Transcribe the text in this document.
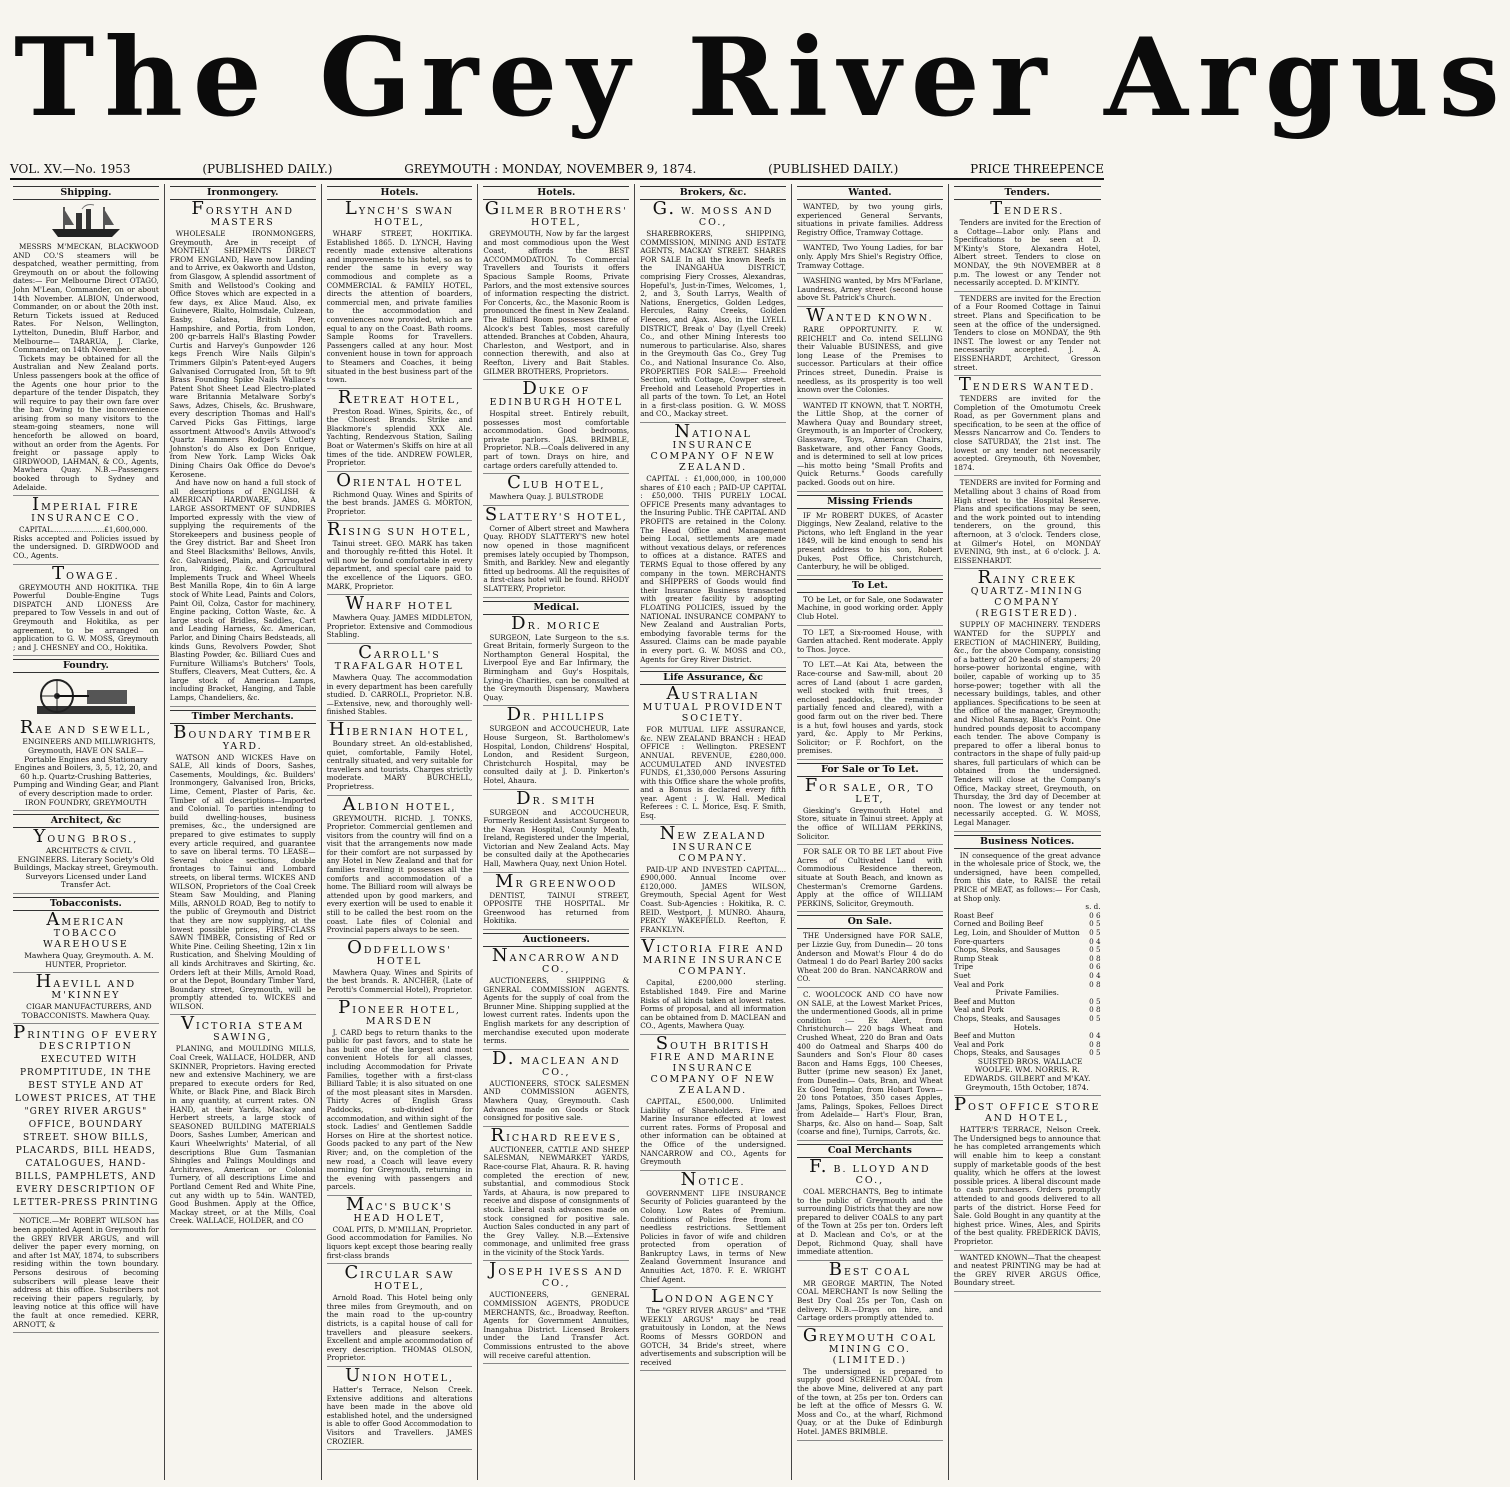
The Grey River Argus
VOL. XV.—No. 1953	(PUBLISHED DAILY.)	GREYMOUTH : MONDAY, NOVEMBER 9, 1874.	(PUBLISHED DAILY.)	PRICE THREEPENCE
Shipping.

MESSRS M'MECKAN, BLACKWOOD AND CO.'S steamers will be despatched, weather permitting, from Greymouth on or about the following dates:— For Melbourne Direct OTAGO, John M'Lean, Commander, on or about 14th November. ALBION, Underwood, Commander, on or about the 20th inst. Return Tickets issued at Reduced Rates. For Nelson, Wellington, Lyttelton, Dunedin, Bluff Harbor, and Melbourne— TARARUA, J. Clarke, Commander, on 14th November.

Tickets may be obtained for all the Australian and New Zealand ports. Unless passengers book at the office of the Agents one hour prior to the departure of the tender Dispatch, they will require to pay their own fare over the bar. Owing to the inconvenience arising from so many visitors to the steam-going steamers, none will henceforth be allowed on board, without an order from the Agents. For freight or passage apply to GIRDWOOD, LAHMAN, & CO., Agents, Mawhera Quay. N.B.—Passengers booked through to Sydney and Adelaide.

IMPERIAL FIRE INSURANCE CO.

CAPITAL.......................£1,600,000. Risks accepted and Policies issued by the undersigned. D. GIRDWOOD and CO., Agents.

TOWAGE.

GREYMOUTH AND HOKITIKA. THE Powerful Double-Engine Tugs DISPATCH AND LIONESS Are prepared to Tow Vessels in and out of Greymouth and Hokitika, as per agreement, to be arranged on application to G. W. MOSS, Greymouth ; and J. CHESNEY and CO., Hokitika.

Foundry.
RAE AND SEWELL,

ENGINEERS AND MILLWRIGHTS, Greymouth, HAVE ON SALE— Portable Engines and Stationary Engines and Boilers, 3, 5, 12, 20, and 60 h.p. Quartz-Crushing Batteries, Pumping and Winding Gear, and Plant of every description made to order. IRON FOUNDRY, GREYMOUTH

Architect, &c
YOUNG BROS.,

ARCHITECTS & CIVIL ENGINEERS. Literary Society's Old Buildings, Mackay street, Greymouth. Surveyors Licensed under Land Transfer Act.

Tobacconists.
AMERICAN TOBACCO WAREHOUSE

Mawhera Quay, Greymouth. A. M. HUNTER, Proprietor.

HAEVILL AND M'KINNEY

CIGAR MANUFACTURERS, AND TOBACCONISTS. Mawhera Quay.

PRINTING OF EVERY DESCRIPTION

EXECUTED WITH PROMPTITUDE, IN THE BEST STYLE AND AT LOWEST PRICES, AT THE "GREY RIVER ARGUS" OFFICE, BOUNDARY STREET. SHOW BILLS, PLACARDS, BILL HEADS, CATALOGUES, HAND-BILLS, PAMPHLETS, AND EVERY DESCRIPTION OF LETTER-PRESS PRINTING

NOTICE.—Mr ROBERT WILSON has been appointed Agent in Greymouth for the GREY RIVER ARGUS, and will deliver the paper every morning, on and after 1st MAY, 1874, to subscribers residing within the town boundary. Persons desirous of becoming subscribers will please leave their address at this office. Subscribers not receiving their papers regularly, by leaving notice at this office will have the fault at once remedied. KERR, ARNOTT, &

Ironmongery.
FORSYTH AND MASTERS

WHOLESALE IRONMONGERS, Greymouth, Are in receipt of MONTHLY SHIPMENTS DIRECT FROM ENGLAND, Have now Landing and to Arrive, ex Oakworth and Udston, from Glasgow, A splendid assortment of Smith and Wellstood's Cooking and Office Stoves which are expected in a few days, ex Alice Maud. Also, ex Guinevere, Rialto, Holmsdale, Culzean, Easby, Galatea, British Peer, Hampshire, and Portia, from London, 200 qr-barrels Hall's Blasting Powder Curtis and Harvey's Gunpowder 126 kegs French Wire Nails Gilpin's Trimmers Gilpin's Patent-eyed Augers Galvanised Corrugated Iron, 5ft to 9ft Brass Founding Spike Nails Wallace's Patent Shot Sheet Lead Electro-plated ware Britannia Metalware Sorby's Saws, Adzes, Chisels, &c. Brushware, every description Thomas and Hall's Carved Picks Gas Fittings, large assortment Attwood's Anvils Attwood's Quartz Hammers Rodger's Cutlery Johnston's do Also ex Don Enrique, from New York. Lamp Wicks Oak Dining Chairs Oak Office do Devoe's Kerosene.

And have now on hand a full stock of all descriptions of ENGLISH & AMERICAN HARDWARE, Also, A LARGE ASSORTMENT OF SUNDRIES Imported expressly with the view of supplying the requirements of the Storekeepers and business people of the Grey district. Bar and Sheet Iron and Steel Blacksmiths' Bellows, Anvils, &c. Galvanised, Plain, and Corrugated Iron, Ridging, &c. Agricultural Implements Truck and Wheel Wheels Best Manilla Rope, 4in to 6in A large stock of White Lead, Paints and Colors, Paint Oil, Colza, Castor for machinery, Engine packing, Cotton Waste, &c. A large stock of Bridles, Saddles, Cart and Leading Harness, &c. American, Parlor, and Dining Chairs Bedsteads, all kinds Guns, Revolvers Powder, Shot Blasting Powder, &c. Billiard Cues and Furniture Williams's Butchers' Tools, Stuffers, Cleavers, Meat Cutters, &c. A large stock of American Lamps, including Bracket, Hanging, and Table Lamps, Chandeliers, &c.

Timber Merchants.
BOUNDARY TIMBER YARD.

WATSON AND WICKES Have on SALE, All kinds of Doors, Sashes, Casements, Mouldings, &c. Builders' Ironmongery, Galvanised Iron, Bricks, Lime, Cement, Plaster of Paris, &c. Timber of all descriptions—Imported and Colonial. To parties intending to build dwelling-houses, business premises, &c., the undersigned are prepared to give estimates to supply every article required, and guarantee to save on liberal terms. TO LEASE— Several choice sections, double frontages to Tainui and Lombard streets, on liberal terms. WICKES AND WILSON, Proprietors of the Coal Creek Steam Saw Moulding, and Planing Mills, ARNOLD ROAD, Beg to notify to the public of Greymouth and District that they are now supplying, at the lowest possible prices, FIRST-CLASS SAWN TIMBER, Consisting of Red or White Pine. Ceiling Sheeting, 12in x 1in Rustication, and Shelving Moulding of all kinds Architraves and Skirting, &c. Orders left at their Mills, Arnold Road, or at the Depot, Boundary Timber Yard, Boundary street, Greymouth, will be promptly attended to. WICKES and WILSON.

VICTORIA STEAM SAWING,

PLANING, and MOULDING MILLS, Coal Creek, WALLACE, HOLDER, AND SKINNER, Proprietors. Having erected new and extensive Machinery, we are prepared to execute orders for Red, White, or Black Pine, and Black Birch in any quantity, at current rates. ON HAND, at their Yards, Mackay and Herbert streets, a large stock of SEASONED BUILDING MATERIALS Doors, Sashes Lumber, American and Kauri Wheelwrights' Material, of all descriptions Blue Gum Tasmanian Shingles and Palings Mouldings and Architraves, American or Colonial Turnery, of all descriptions Lime and Portland Cement Red and White Pine, cut any width up to 54in. WANTED, Good Bushmen. Apply at the Office, Mackay street, or at the Mills, Coal Creek. WALLACE, HOLDER, and CO

Hotels.
LYNCH'S SWAN HOTEL,

WHARF STREET, HOKITIKA. Established 1865. D. LYNCH, Having recently made extensive alterations and improvements to his hotel, so as to render the same in every way commodious and complete as a COMMERCIAL & FAMILY HOTEL, directs the attention of boarders, commercial men, and private families to the accommodation and conveniences now provided, which are equal to any on the Coast. Bath rooms. Sample Rooms for Travellers. Passengers called at any hour. Most convenient house in town for approach to Steamers and Coaches, it being situated in the best business part of the town.

RETREAT HOTEL,

Preston Road. Wines, Spirits, &c., of the Choicest Brands. Strike and Blackmore's splendid XXX Ale. Yachting, Rendezvous Station, Sailing Boat or Watermen's Skiffs on hire at all times of the tide. ANDREW FOWLER, Proprietor.

ORIENTAL HOTEL

Richmond Quay. Wines and Spirits of the best brands. JAMES G. MORTON, Proprietor.

RISING SUN HOTEL,

Tainui street. GEO. MARK has taken and thoroughly re-fitted this Hotel. It will now be found comfortable in every department, and special care paid to the excellence of the Liquors. GEO. MARK, Proprietor.

WHARF HOTEL

Mawhera Quay. JAMES MIDDLETON, Proprietor. Extensive and Commodious Stabling.

CARROLL'S TRAFALGAR HOTEL

Mawhera Quay. The accommodation in every department has been carefully studied. D. CARROLL, Proprietor. N.B.—Extensive, new, and thoroughly well-finished Stables.

HIBERNIAN HOTEL,

Boundary street. An old-established, quiet, comfortable, Family Hotel, centrally situated, and very suitable for travellers and tourists. Charges strictly moderate. MARY BURCHELL, Proprietress.

ALBION HOTEL,

GREYMOUTH. RICHD. J. TONKS, Proprietor. Commercial gentlemen and visitors from the country will find on a visit that the arrangements now made for their comfort are not surpassed by any Hotel in New Zealand and that for families travelling it possesses all the comforts and accommodation of a home. The Billiard room will always be attended upon by good markers, and every exertion will be used to enable it still to be called the best room on the coast. Late files of Colonial and Provincial papers always to be seen.

ODDFELLOWS' HOTEL

Mawhera Quay. Wines and Spirits of the best brands. R. ANCHER, (Late of Perotti's Commercial Hotel), Proprietor.

PIONEER HOTEL, MARSDEN

J. CARD begs to return thanks to the public for past favors, and to state he has built one of the largest and most convenient Hotels for all classes, including Accommodation for Private Families, together with a first-class Billiard Table; it is also situated on one of the most pleasant sites in Marsden. Thirty Acres of English Grass Paddocks, sub-divided for accommodation, and within sight of the stock. Ladies' and Gentlemen Saddle Horses on Hire at the shortest notice. Goods packed to any part of the New River; and, on the completion of the new road, a Coach will leave every morning for Greymouth, returning in the evening with passengers and parcels.

MAC'S BUCK'S HEAD HOLET,

COAL PITS, D. M'MILLAN, Proprietor. Good accommodation for Families. No liquors kept except those bearing really first-class brands

CIRCULAR SAW HOTEL,

Arnold Road. This Hotel being only three miles from Greymouth, and on the main road to the up-country districts, is a capital house of call for travellers and pleasure seekers. Excellent and ample accommodation of every description. THOMAS OLSON, Proprietor.

UNION HOTEL,

Hatter's Terrace, Nelson Creek. Extensive additions and alterations have been made in the above old established hotel, and the undersigned is able to offer Good Accommodation to Visitors and Travellers. JAMES CROZIER.

Hotels.
GILMER BROTHERS' HOTEL,

GREYMOUTH, Now by far the largest and most commodious upon the West Coast, affords the BEST ACCOMMODATION. To Commercial Travellers and Tourists it offers Spacious Sample Rooms, Private Parlors, and the most extensive sources of information respecting the district. For Concerts, &c., the Masonic Room is pronounced the finest in New Zealand. The Billiard Room possesses three of Alcock's best Tables, most carefully attended. Branches at Cobden, Ahaura, Charleston, and Westport, and in connection therewith, and also at Reefton, Livery and Bait Stables. GILMER BROTHERS, Proprietors.

DUKE OF EDINBURGH HOTEL

Hospital street. Entirely rebuilt, possesses most comfortable accommodation. Good bedrooms, private parlors. JAS. BRIMBLE, Proprietor. N.B.—Coals delivered in any part of town. Drays on hire, and cartage orders carefully attended to.

CLUB HOTEL,

Mawhera Quay. J. BULSTRODE

SLATTERY'S HOTEL,

Corner of Albert street and Mawhera Quay. RHODY SLATTERY'S new hotel now opened in those magnificent premises lately occupied by Thompson, Smith, and Barkley. New and elegantly fitted up bedrooms. All the requisites of a first-class hotel will be found. RHODY SLATTERY, Proprietor.

Medical.
DR. MORICE

SURGEON, Late Surgeon to the s.s. Great Britain, formerly Surgeon to the Northampton General Hospital, the Liverpool Eye and Ear Infirmary, the Birmingham and Guy's Hospitals, Lying-in Charities, can be consulted at the Greymouth Dispensary, Mawhera Quay.

DR. PHILLIPS

SURGEON and ACCOUCHEUR, Late House Surgeon, St. Bartholomew's Hospital, London, Childrens' Hospital, London, and Resident Surgeon, Christchurch Hospital, may be consulted daily at J. D. Pinkerton's Hotel, Ahaura.

DR. SMITH

SURGEON and ACCOUCHEUR, Formerly Resident Assistant Surgeon to the Navan Hospital, County Meath, Ireland, Registered under the Imperial, Victorian and New Zealand Acts. May be consulted daily at the Apothecaries Hall, Mawhera Quay, next Union Hotel.

MR GREENWOOD

DENTIST, TAINUI STREET, OPPOSITE THE HOSPITAL. Mr Greenwood has returned from Hokitika.

Auctioneers.
NANCARROW AND CO.,

AUCTIONEERS, SHIPPING & GENERAL COMMISSION AGENTS. Agents for the supply of coal from the Brunner Mine. Shipping supplied at the lowest current rates. Indents upon the English markets for any description of merchandise executed upon moderate terms.

D. MACLEAN AND CO.,

AUCTIONEERS, STOCK SALESMEN AND COMMISSION AGENTS, Mawhera Quay, Greymouth. Cash Advances made on Goods or Stock consigned for positive sale.

RICHARD REEVES,

AUCTIONEER, CATTLE AND SHEEP SALESMAN, NEWMARKET YARDS, Race-course Flat, Ahaura. R. R. having completed the erection of new, substantial, and commodious Stock Yards, at Ahaura, is now prepared to receive and dispose of consignments of stock. Liberal cash advances made on stock consigned for positive sale. Auction Sales conducted in any part of the Grey Valley. N.B.—Extensive commonage, and unlimited free grass in the vicinity of the Stock Yards.

JOSEPH IVESS AND CO.,

AUCTIONEERS, GENERAL COMMISSION AGENTS, PRODUCE MERCHANTS, &c., Broadway, Reefton. Agents for Government Annuities, Inangahua District. Licensed Brokers under the Land Transfer Act. Commissions entrusted to the above will receive careful attention.

Brokers, &c.
G. W. MOSS AND CO.,

SHAREBROKERS, SHIPPING, COMMISSION, MINING AND ESTATE AGENTS, MACKAY STREET. SHARES FOR SALE In all the known Reefs in the INANGAHUA DISTRICT, comprising Fiery Crosses, Alexandras, Hopeful's, Just-in-Times, Welcomes, 1, 2, and 3, South Larrys, Wealth of Nations, Energetics, Golden Ledges, Hercules, Rainy Creeks, Golden Fleeces, and Ajax. Also, in the LYELL DISTRICT, Break o' Day (Lyell Creek) Co., and other Mining Interests too numerous to particularise. Also, shares in the Greymouth Gas Co., Grey Tug Co., and National Insurance Co. Also, PROPERTIES FOR SALE:— Freehold Section, with Cottage, Cowper street. Freehold and Leasehold Properties in all parts of the town. To Let, an Hotel in a first-class position. G. W. MOSS and CO., Mackay street.

NATIONAL INSURANCE COMPANY OF NEW ZEALAND.

CAPITAL : £1,000,000, in 100,000 shares of £10 each ; PAID-UP CAPITAL : £50,000. THIS PURELY LOCAL OFFICE Presents many advantages to the Insuring Public. THE CAPITAL AND PROFITS are retained in the Colony. The Head Office and Management being Local, settlements are made without vexatious delays, or references to offices at a distance. RATES and TERMS Equal to those offered by any company in the town. MERCHANTS and SHIPPERS of Goods would find their Insurance Business transacted with greater facility by adopting FLOATING POLICIES, issued by the NATIONAL INSURANCE COMPANY to New Zealand and Australian Ports, embodying favorable terms for the Assured. Claims can be made payable in every port. G. W. MOSS and CO., Agents for Grey River District.

Life Assurance, &c
AUSTRALIAN MUTUAL PROVIDENT SOCIETY.

FOR MUTUAL LIFE ASSURANCE, &c. NEW ZEALAND BRANCH : HEAD OFFICE : Wellington. PRESENT ANNUAL REVENUE, £280,000. ACCUMULATED AND INVESTED FUNDS, £1,330,000 Persons Assuring with this Office share the whole profits, and a Bonus is declared every fifth year. Agent : J. W. Hall. Medical Referees : C. L. Morice, Esq. F. Smith, Esq.

NEW ZEALAND INSURANCE COMPANY.

PAID-UP AND INVESTED CAPITAL...£900,000. Annual Income over £120,000. JAMES WILSON, Greymouth, Special Agent for West Coast. Sub-Agencies : Hokitika, R. C. REID. Westport, J. MUNRO. Ahaura, PERCY WAKEFIELD. Reefton, F. FRANKLYN.

VICTORIA FIRE AND MARINE INSURANCE COMPANY.

Capital, £200,000 sterling. Established 1849. Fire and Marine Risks of all kinds taken at lowest rates. Forms of proposal, and all information can be obtained from D. MACLEAN and CO., Agents, Mawhera Quay.

SOUTH BRITISH FIRE AND MARINE INSURANCE COMPANY OF NEW ZEALAND.

CAPITAL, £500,000. Unlimited Liability of Shareholders. Fire and Marine Insurance effected at lowest current rates. Forms of Proposal and other information can be obtained at the Office of the undersigned. NANCARROW and CO., Agents for Greymouth

NOTICE.

GOVERNMENT LIFE INSURANCE Security of Policies guaranteed by the Colony. Low Rates of Premium. Conditions of Policies free from all needless restrictions. Settlement Policies in favor of wife and children protected from operation of Bankruptcy Laws, in terms of New Zealand Government Insurance and Annuities Act, 1870. F. E. WRIGHT Chief Agent.

LONDON AGENCY

The "GREY RIVER ARGUS" and "THE WEEKLY ARGUS" may be read gratuitously in London, at the News Rooms of Messrs GORDON and GOTCH, 34 Bride's street, where advertisements and subscription will be received

Wanted.

WANTED, by two young girls, experienced General Servants, situations in private families. Address Registry Office, Tramway Cottage.

WANTED, Two Young Ladies, for bar only. Apply Mrs Shiel's Registry Office, Tramway Cottage.

WASHING wanted, by Mrs M'Farlane, Laundress, Arney street (second house above St. Patrick's Church.

WANTED KNOWN.

RARE OPPORTUNITY. F. W. REICHELT and Co. intend SELLING their Valuable BUSINESS, and give long Lease of the Premises to successor. Particulars at their office Princes street, Dunedin. Praise is needless, as its prosperity is too well known over the Colonies.

WANTED IT KNOWN, that T. NORTH, the Little Shop, at the corner of Mawhera Quay and Boundary street, Greymouth, is an Importer of Crockery, Glassware, Toys, American Chairs, Basketware, and other Fancy Goods, and is determined to sell at low prices—his motto being "Small Profits and Quick Returns." Goods carefully packed. Goods out on hire.

Missing Friends

IF Mr ROBERT DUKES, of Acaster Diggings, New Zealand, relative to the Pictons, who left England in the year 1849, will be kind enough to send his present address to his son, Robert Dukes, Post Office, Christchurch, Canterbury, he will be obliged.

To Let.

TO be Let, or for Sale, one Sodawater Machine, in good working order. Apply Club Hotel.

TO LET, a Six-roomed House, with Garden attached. Rent moderate. Apply to Thos. Joyce.

TO LET.—At Kai Ata, between the Race-course and Saw-mill, about 20 acres of Land (about 1 acre garden, well stocked with fruit trees, 3 enclosed paddocks, the remainder partially fenced and cleared), with a good farm out on the river bed. There is a hut, fowl houses and yards, stock yard, &c. Apply to Mr Perkins, Solicitor; or F. Rochfort, on the premises.

For Sale or To Let.
FOR SALE, OR, TO LET,

Giesking's Greymouth Hotel and Store, situate in Tainui street. Apply at the office of WILLIAM PERKINS, Solicitor.

FOR SALE OR TO BE LET about Five Acres of Cultivated Land with Commodious Residence thereon, situate at South Beach, and known as Chesterman's Cremorne Gardens. Apply at the office of WILLIAM PERKINS, Solicitor, Greymouth.

On Sale.

THE Undersigned have FOR SALE, per Lizzie Guy, from Dunedin— 20 tons Anderson and Mowat's Flour 4 do do Oatmeal 1 do do Pearl Barley 200 sacks Wheat 200 do Bran. NANCARROW and CO.

C. WOOLCOCK AND CO have now ON SALE, at the Lowest Market Prices, the undermentioned Goods, all in prime condition :— Ex Alert, from Christchurch— 220 bags Wheat and Crushed Wheat, 220 do Bran and Oats 400 do Oatmeal and Sharps 400 do Saunders and Son's Flour 80 cases Bacon and Hams Eggs, 100 Cheeses, Butter (prime new season) Ex Janet, from Dunedin— Oats, Bran, and Wheat Ex Good Templar, from Hobart Town— 20 tons Potatoes, 350 cases Apples, Jams, Palings, Spokes, Felloes Direct from Adelaide— Hart's Flour, Bran, Sharps, &c. Also on hand— Soap, Salt (coarse and fine), Turnips, Carrots, &c.

Coal Merchants
F. B. LLOYD AND CO.,

COAL MERCHANTS, Beg to intimate to the public of Greymouth and the surrounding Districts that they are now prepared to deliver COALS to any part of the Town at 25s per ton. Orders left at D. Maclean and Co's, or at the Depot, Richmond Quay, shall have immediate attention.

BEST COAL

MR GEORGE MARTIN, The Noted COAL MERCHANT Is now Selling the Best Dry Coal 25s per Ton, Cash on delivery. N.B.—Drays on hire, and Cartage orders promptly attended to.

GREYMOUTH COAL MINING CO. (LIMITED.)

The undersigned is prepared to supply good SCREENED COAL from the above Mine, delivered at any part of the town, at 25s per ton. Orders can be left at the office of Messrs G. W. Moss and Co., at the wharf, Richmond Quay, or at the Duke of Edinburgh Hotel. JAMES BRIMBLE.

Tenders.
TENDERS.

Tenders are invited for the Erection of a Cottage—Labor only. Plans and Specifications to be seen at D. M'Kinty's Store, Alexandra Hotel, Albert street. Tenders to close on MONDAY, the 9th NOVEMBER at 8 p.m. The lowest or any Tender not necessarily accepted. D. M'KINTY.

TENDERS are invited for the Erection of a Four Roomed Cottage in Tainui street. Plans and Specification to be seen at the office of the undersigned. Tenders to close on MONDAY, the 9th INST. The lowest or any Tender not necessarily accepted. J. A. EISSENHARDT, Architect, Gresson street.

TENDERS WANTED.

TENDERS are invited for the Completion of the Omotumotu Creek Road, as per Government plans and specification, to be seen at the office of Messrs Nancarrow and Co. Tenders to close SATURDAY, the 21st inst. The lowest or any tender not necessarily accepted. Greymouth, 6th November, 1874.

TENDERS are invited for Forming and Metalling about 3 chains of Road from High street to the Hospital Reserve. Plans and specifications may be seen, and the work pointed out to intending tenderers, on the ground, this afternoon, at 3 o'clock. Tenders close, at Gilmer's Hotel, on MONDAY EVENING, 9th inst., at 6 o'clock. J. A. EISSENHARDT.

RAINY CREEK QUARTZ-MINING COMPANY (REGISTERED).

SUPPLY OF MACHINERY. TENDERS WANTED for the SUPPLY and ERECTION of MACHINERY, Building, &c., for the above Company, consisting of a battery of 20 heads of stampers; 20 horse-power horizontal engine, with boiler, capable of working up to 35 horse-power; together with all the necessary buildings, tables, and other appliances. Specifications to be seen at the office of the manager, Greymouth; and Nichol Ramsay, Black's Point. One hundred pounds deposit to accompany each tender. The above Company is prepared to offer a liberal bonus to contractors in the shape of fully paid-up shares, full particulars of which can be obtained from the undersigned. Tenders will close at the Company's Office, Mackay street, Greymouth, on Thursday, the 3rd day of December at noon. The lowest or any tender not necessarily accepted. G. W. MOSS, Legal Manager.

Business Notices.

IN consequence of the great advance in the wholesale price of Stock, we, the undersigned, have been compelled, from this date, to RAISE the retail PRICE of MEAT, as follows:— For Cash, at Shop only.

s. d.
Roast Beef	0 6
Corned and Boiling Beef	0 5
Leg, Loin, and Shoulder of Mutton 0 5
Fore-quarters	0 4
Chops, Steaks, and Sausages	0 5
Rump Steak	0 8
Tripe	0 6
Suet	0 4
Veal and Pork	0 8
Private Families.
Beef and Mutton	0 5
Veal and Pork	0 8
Chops, Steaks, and Sausages	0 5
Hotels.
Beef and Mutton	0 4
Veal and Pork	0 8
Chops, Steaks, and Sausages	0 5

SUISTED BROS. WALLACE WOOLFE. WM. NORRIS. R. EDWARDS. GILBERT and M'KAY. Greymouth, 15th October, 1874.

POST OFFICE STORE AND HOTEL,

HATTER'S TERRACE, Nelson Creek. The Undersigned begs to announce that he has completed arrangements which will enable him to keep a constant supply of marketable goods of the best quality, which he offers at the lowest possible prices. A liberal discount made to cash purchasers. Orders promptly attended to and goods delivered to all parts of the district. Horse Feed for Sale. Gold Bought in any quantity at the highest price. Wines, Ales, and Spirits of the best quality. FREDERICK DAVIS, Proprietor.

WANTED KNOWN—That the cheapest and neatest PRINTING may be had at the GREY RIVER ARGUS Office, Boundary street.
